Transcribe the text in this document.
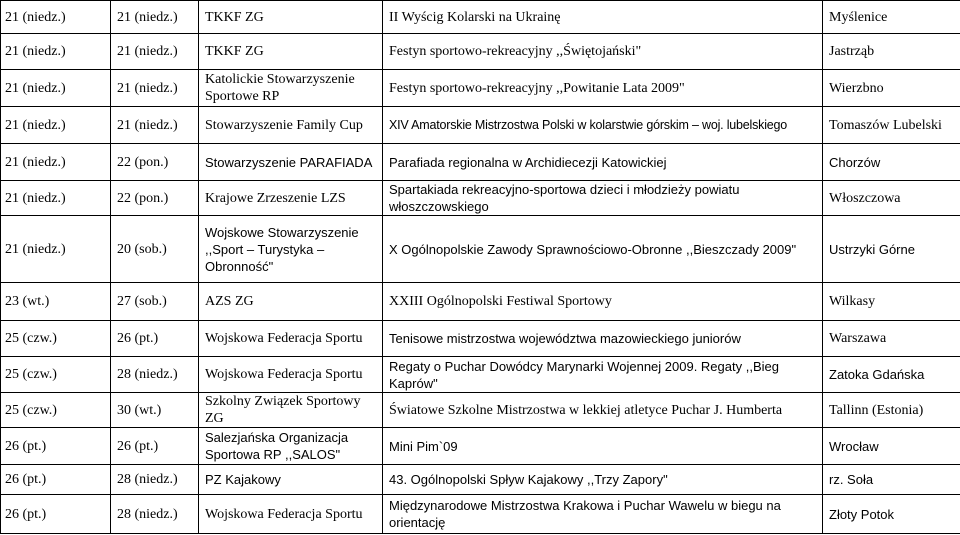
21 (niedz.)	21 (niedz.)	TKKF ZG	II Wyścig Kolarski na Ukrainę	Myślenice
21 (niedz.)	21 (niedz.)	TKKF ZG	Festyn sportowo-rekreacyjny ,,Świętojański"	Jastrząb
21 (niedz.)	21 (niedz.)	Katolickie Stowarzyszenie Sportowe RP	Festyn sportowo-rekreacyjny ,,Powitanie Lata 2009"	Wierzbno
21 (niedz.)	21 (niedz.)	Stowarzyszenie Family Cup	XIV Amatorskie Mistrzostwa Polski w kolarstwie górskim – woj. lubelskiego	Tomaszów Lubelski
21 (niedz.)	22 (pon.)	Stowarzyszenie PARAFIADA	Parafiada regionalna w Archidiecezji Katowickiej	Chorzów
21 (niedz.)	22 (pon.)	Krajowe Zrzeszenie LZS	Spartakiada rekreacyjno-sportowa dzieci i młodzieży powiatu włoszczowskiego	Włoszczowa
21 (niedz.)	20 (sob.)	Wojskowe Stowarzyszenie ,,Sport – Turystyka – Obronność"	X Ogólnopolskie Zawody Sprawnościowo-Obronne ,,Bieszczady 2009"	Ustrzyki Górne
23 (wt.)	27 (sob.)	AZS ZG	XXIII Ogólnopolski Festiwal Sportowy	Wilkasy
25 (czw.)	26 (pt.)	Wojskowa Federacja Sportu	Tenisowe mistrzostwa województwa mazowieckiego juniorów	Warszawa
25 (czw.)	28 (niedz.)	Wojskowa Federacja Sportu	Regaty o Puchar Dowódcy Marynarki Wojennej 2009. Regaty ,,Bieg Kaprów"	Zatoka Gdańska
25 (czw.)	30 (wt.)	Szkolny Związek Sportowy ZG	Światowe Szkolne Mistrzostwa w lekkiej atletyce Puchar J. Humberta	Tallinn (Estonia)
26 (pt.)	26 (pt.)	Salezjańska Organizacja Sportowa RP ,,SALOS"	Mini Pim`09	Wrocław
26 (pt.)	28 (niedz.)	PZ Kajakowy	43. Ogólnopolski Spływ Kajakowy ,,Trzy Zapory"	rz. Soła
26 (pt.)	28 (niedz.)	Wojskowa Federacja Sportu	Międzynarodowe Mistrzostwa Krakowa i Puchar Wawelu w biegu na orientację	Złoty Potok
